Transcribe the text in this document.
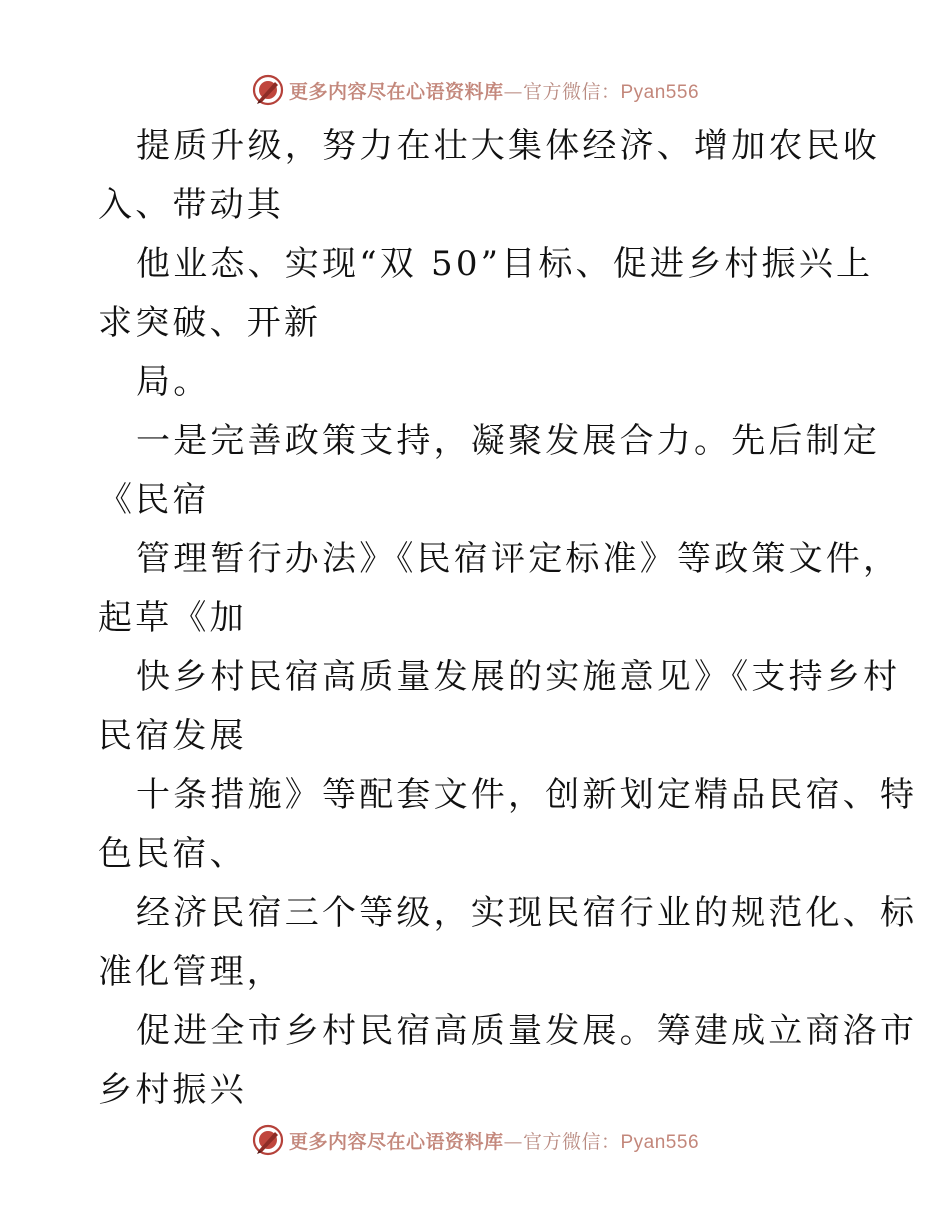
更多内容尽在心语资料库—官方微信：Pyan556
提质升级，努力在壮大集体经济、增加农民收
入、带动其
他业态、实现“双 50”目标、促进乡村振兴上
求突破、开新
局。
一是完善政策支持，凝聚发展合力。先后制定
《民宿
管理暂行办法》《民宿评定标准》等政策文件，
起草《加
快乡村民宿高质量发展的实施意见》《支持乡村
民宿发展
十条措施》等配套文件，创新划定精品民宿、特
色民宿、
经济民宿三个等级，实现民宿行业的规范化、标
准化管理，
促进全市乡村民宿高质量发展。筹建成立商洛市
乡村振兴
更多内容尽在心语资料库—官方微信：Pyan556
